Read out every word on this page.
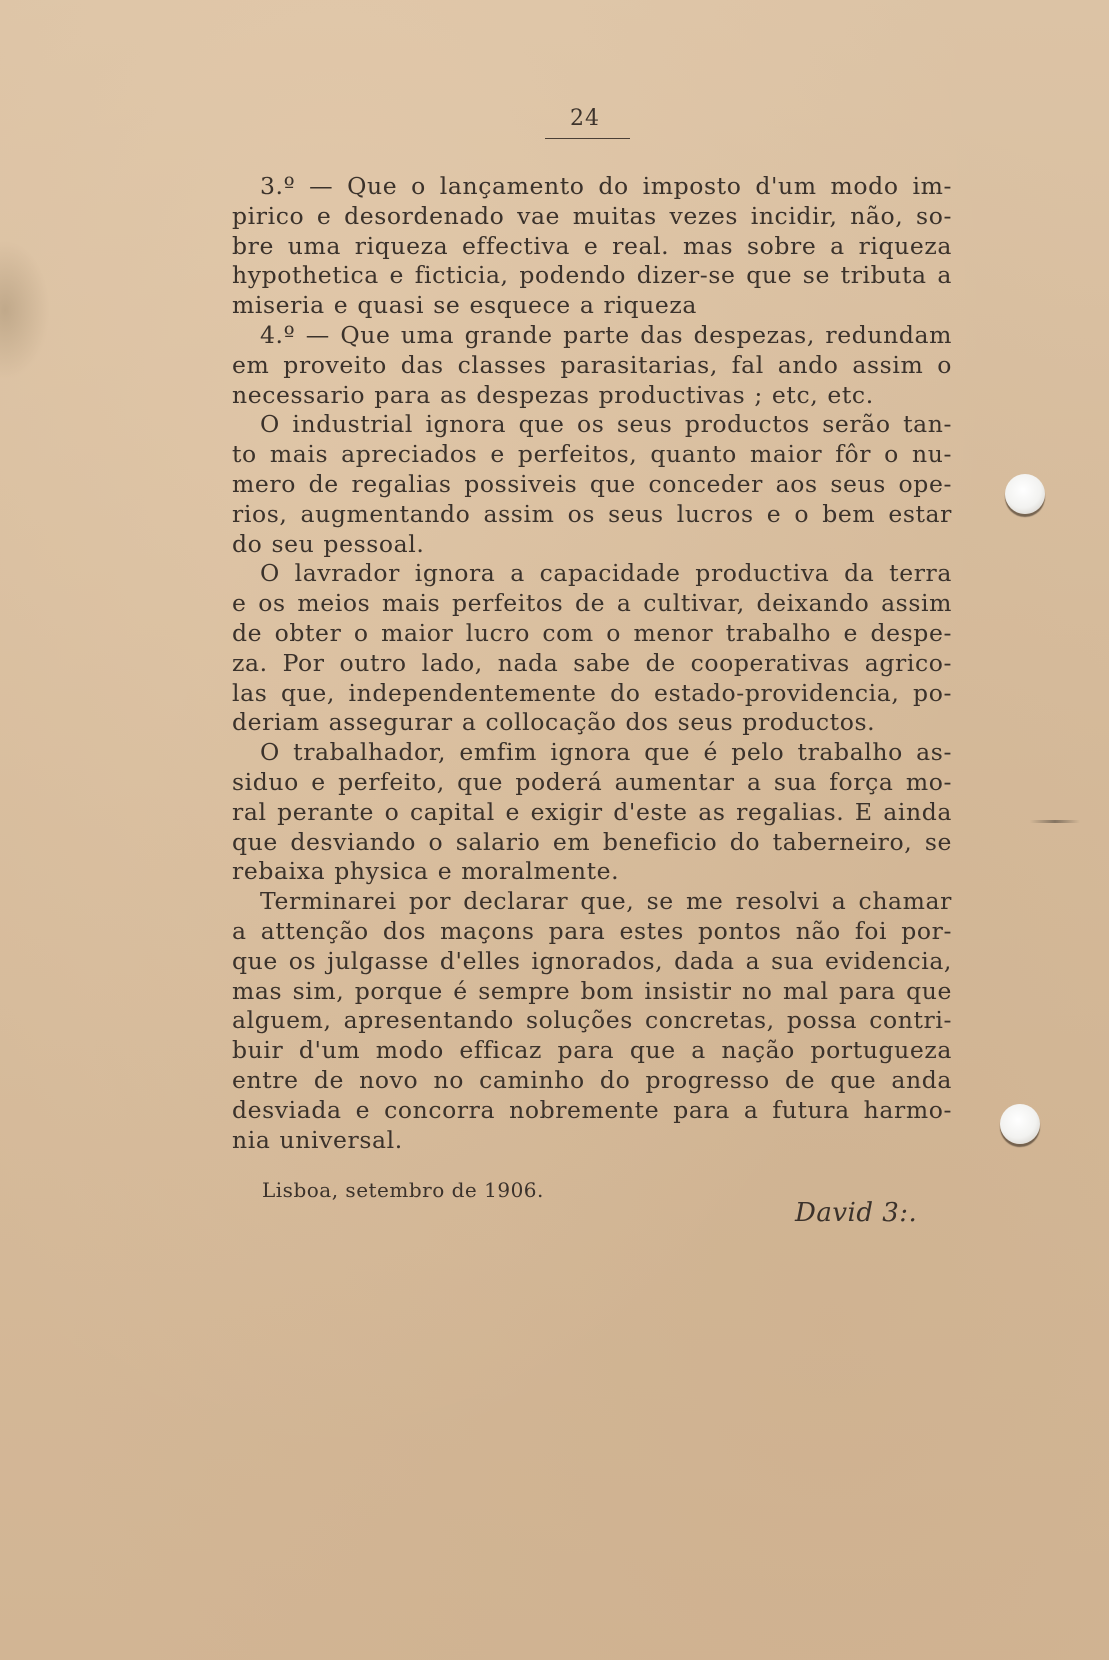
24
3.º — Que o lançamento do imposto d'um modo im-
pirico e desordenado vae muitas vezes incidir, não, so-
bre uma riqueza effectiva e real. mas sobre a riqueza
hypothetica e ficticia, podendo dizer-se que se tributa a
miseria e quasi se esquece a riqueza
4.º — Que uma grande parte das despezas, redundam
em proveito das classes parasitarias, fal ando assim o
necessario para as despezas productivas ; etc, etc.
O industrial ignora que os seus productos serão tan-
to mais apreciados e perfeitos, quanto maior fôr o nu-
mero de regalias possiveis que conceder aos seus ope-
rios, augmentando assim os seus lucros e o bem estar
do seu pessoal.
O lavrador ignora a capacidade productiva da terra
e os meios mais perfeitos de a cultivar, deixando assim
de obter o maior lucro com o menor trabalho e despe-
za. Por outro lado, nada sabe de cooperativas agrico-
las que, independentemente do estado-providencia, po-
deriam assegurar a collocação dos seus productos.
O trabalhador, emfim ignora que é pelo trabalho as-
siduo e perfeito, que poderá aumentar a sua força mo-
ral perante o capital e exigir d'este as regalias. E ainda
que desviando o salario em beneficio do taberneiro, se
rebaixa physica e moralmente.
Terminarei por declarar que, se me resolvi a chamar
a attenção dos maçons para estes pontos não foi por-
que os julgasse d'elles ignorados, dada a sua evidencia,
mas sim, porque é sempre bom insistir no mal para que
alguem, apresentando soluções concretas, possa contri-
buir d'um modo efficaz para que a nação portugueza
entre de novo no caminho do progresso de que anda
desviada e concorra nobremente para a futura harmo-
nia universal.
Lisboa, setembro de 1906.
David 3:.
